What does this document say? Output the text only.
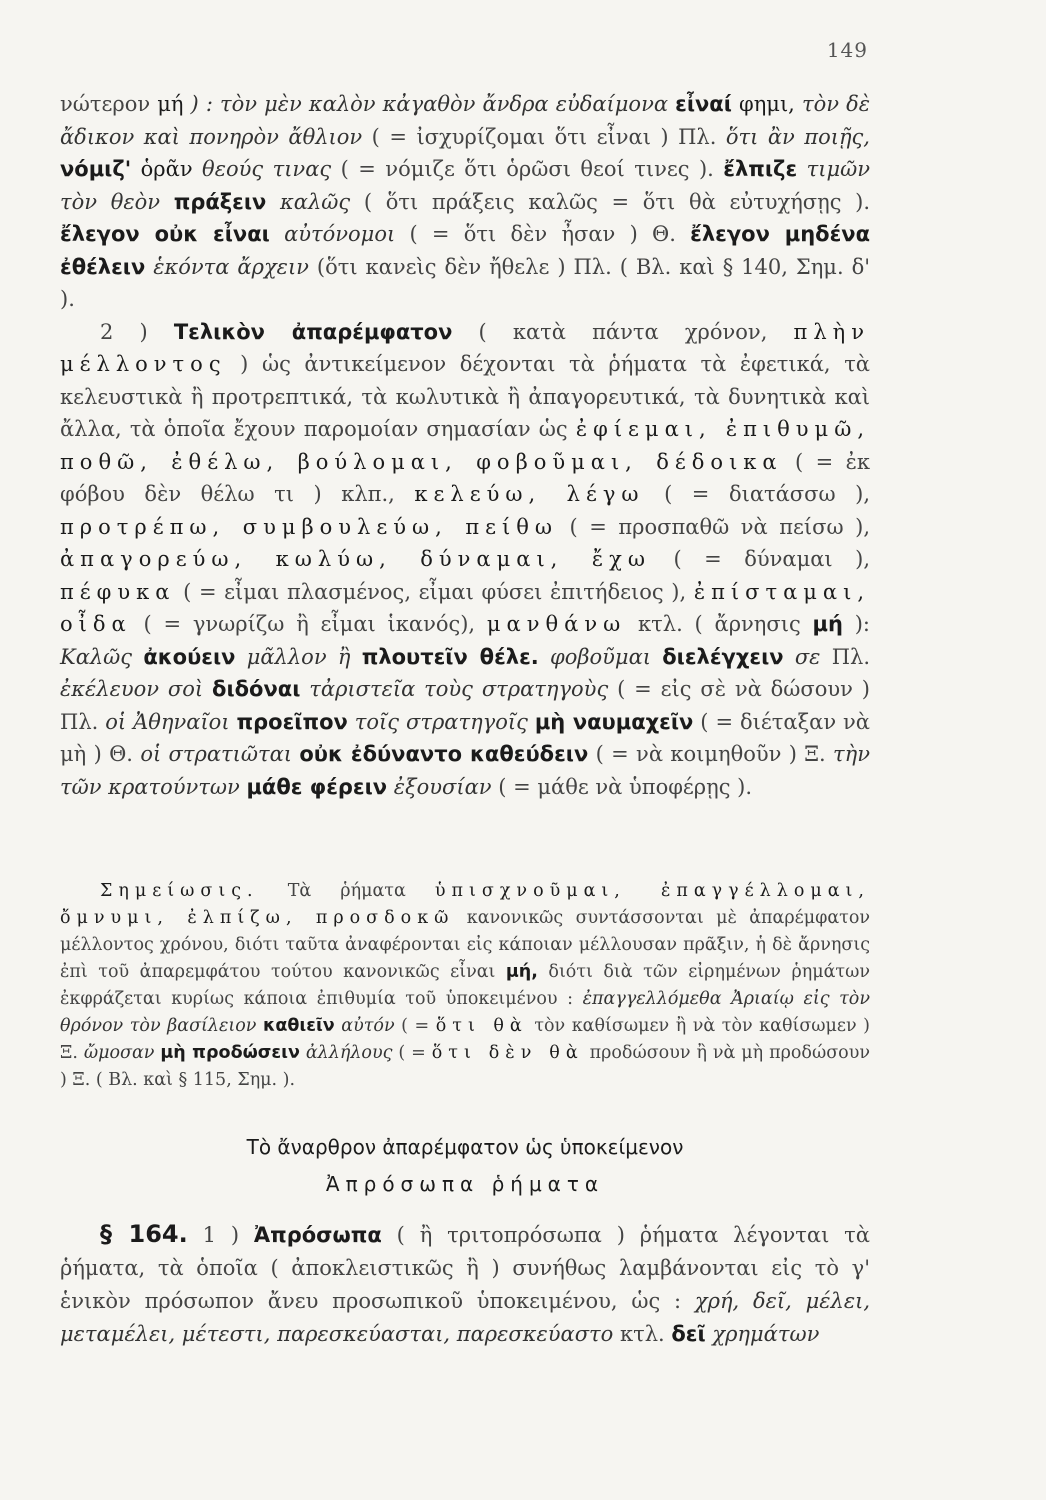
149

νώτερον μή ) : τὸν μὲν καλὸν κἀγαθὸν ἄνδρα εὐδαίμονα εἶναί φημι, τὸν δὲ ἄδικον καὶ πονηρὸν ἄθλιον ( = ἰσχυρίζομαι ὅτι εἶναι ) Πλ. ὅτι ἂν ποιῇς, νόμιζ' ὁρᾶν θεούς τινας ( = νόμιζε ὅτι ὁρῶσι θεοί τινες ). ἔλπιζε τιμῶν τὸν θεὸν πράξειν καλῶς ( ὅτι πράξεις καλῶς = ὅτι θὰ εὐτυχήσῃς ). ἔλεγον οὐκ εἶναι αὐτόνομοι ( = ὅτι δὲν ἦσαν ) Θ. ἔλεγον μηδένα ἐθέλειν ἑκόντα ἄρχειν (ὅτι κανεὶς δὲν ἤθελε ) Πλ. ( Βλ. καὶ § 140, Σημ. δ' ).

2 ) Τελικὸν ἀπαρέμφατον ( κατὰ πάντα χρόνον, πλὴν μέλλοντος ) ὡς ἀντικείμενον δέχονται τὰ ῥήματα τὰ ἐφετικά, τὰ κελευστικὰ ἢ προτρεπτικά, τὰ κωλυτικὰ ἢ ἀπαγορευτικά, τὰ δυνητικὰ καὶ ἄλλα, τὰ ὁποῖα ἔχουν παρομοίαν σημασίαν ὡς ἐφίεμαι, ἐπιθυμῶ, ποθῶ, ἐθέλω, βούλομαι, φοβοῦμαι, δέδοικα ( = ἐκ φόβου δὲν θέλω τι ) κλπ., κελεύω, λέγω ( = διατάσσω ), προτρέπω, συμβουλεύω, πείθω ( = προσπαθῶ νὰ πείσω ), ἀπαγορεύω, κωλύω, δύναμαι, ἔχω ( = δύναμαι ), πέφυκα ( = εἶμαι πλασμένος, εἶμαι φύσει ἐπιτήδειος ), ἐπίσταμαι, οἶδα ( = γνωρίζω ἢ εἶμαι ἱκανός), μανθάνω κτλ. ( ἄρνησις μή ): Καλῶς ἀκούειν μᾶλλον ἢ πλουτεῖν θέλε. φοβοῦμαι διελέγχειν σε Πλ. ἐκέλευον σοὶ διδόναι τἀριστεῖα τοὺς στρατηγοὺς ( = εἰς σὲ νὰ δώσουν ) Πλ. οἱ Ἀθηναῖοι προεῖπον τοῖς στρατηγοῖς μὴ ναυμαχεῖν ( = διέταξαν νὰ μὴ ) Θ. οἱ στρατιῶται οὐκ ἐδύναντο καθεύδειν ( = νὰ κοιμηθοῦν ) Ξ. τὴν τῶν κρατούντων μάθε φέρειν ἐξουσίαν ( = μάθε νὰ ὑποφέρῃς ).

Σημείωσις. Τὰ ῥήματα ὑπισχνοῦμαι, ἐπαγγέλλομαι, ὄμνυμι, ἐλπίζω, προσδοκῶ κανονικῶς συντάσσονται μὲ ἀπαρέμφατον μέλλοντος χρόνου, διότι ταῦτα ἀναφέρονται εἰς κάποιαν μέλλουσαν πρᾶξιν, ἡ δὲ ἄρνησις ἐπὶ τοῦ ἀπαρεμφάτου τούτου κανονικῶς εἶναι μή, διότι διὰ τῶν εἰρημένων ῥημάτων ἐκφράζεται κυρίως κάποια ἐπιθυμία τοῦ ὑποκειμένου : ἐπαγγελλόμεθα Ἀριαίῳ εἰς τὸν θρόνον τὸν βασίλειον καθιεῖν αὐτόν ( = ὅτι θὰ τὸν καθίσωμεν ἢ νὰ τὸν καθίσωμεν ) Ξ. ὤμοσαν μὴ προδώσειν ἀλλήλους ( = ὅτι δὲν θὰ προδώσουν ἢ νὰ μὴ προδώσουν ) Ξ. ( Βλ. καὶ § 115, Σημ. ).

Τὸ ἄναρθρον ἀπαρέμφατον ὡς ὑποκείμενον
Ἀπρόσωπα ῥήματα

§ 164. 1 ) Ἀπρόσωπα ( ἢ τριτοπρόσωπα ) ῥήματα λέγονται τὰ ῥήματα, τὰ ὁποῖα ( ἀποκλειστικῶς ἢ ) συνήθως λαμβάνονται εἰς τὸ γ' ἑνικὸν πρόσωπον ἄνευ προσωπικοῦ ὑποκειμένου, ὡς : χρή, δεῖ, μέλει, μεταμέλει, μέτεστι, παρεσκεύασται, παρεσκεύαστο κτλ. δεῖ χρημάτων
